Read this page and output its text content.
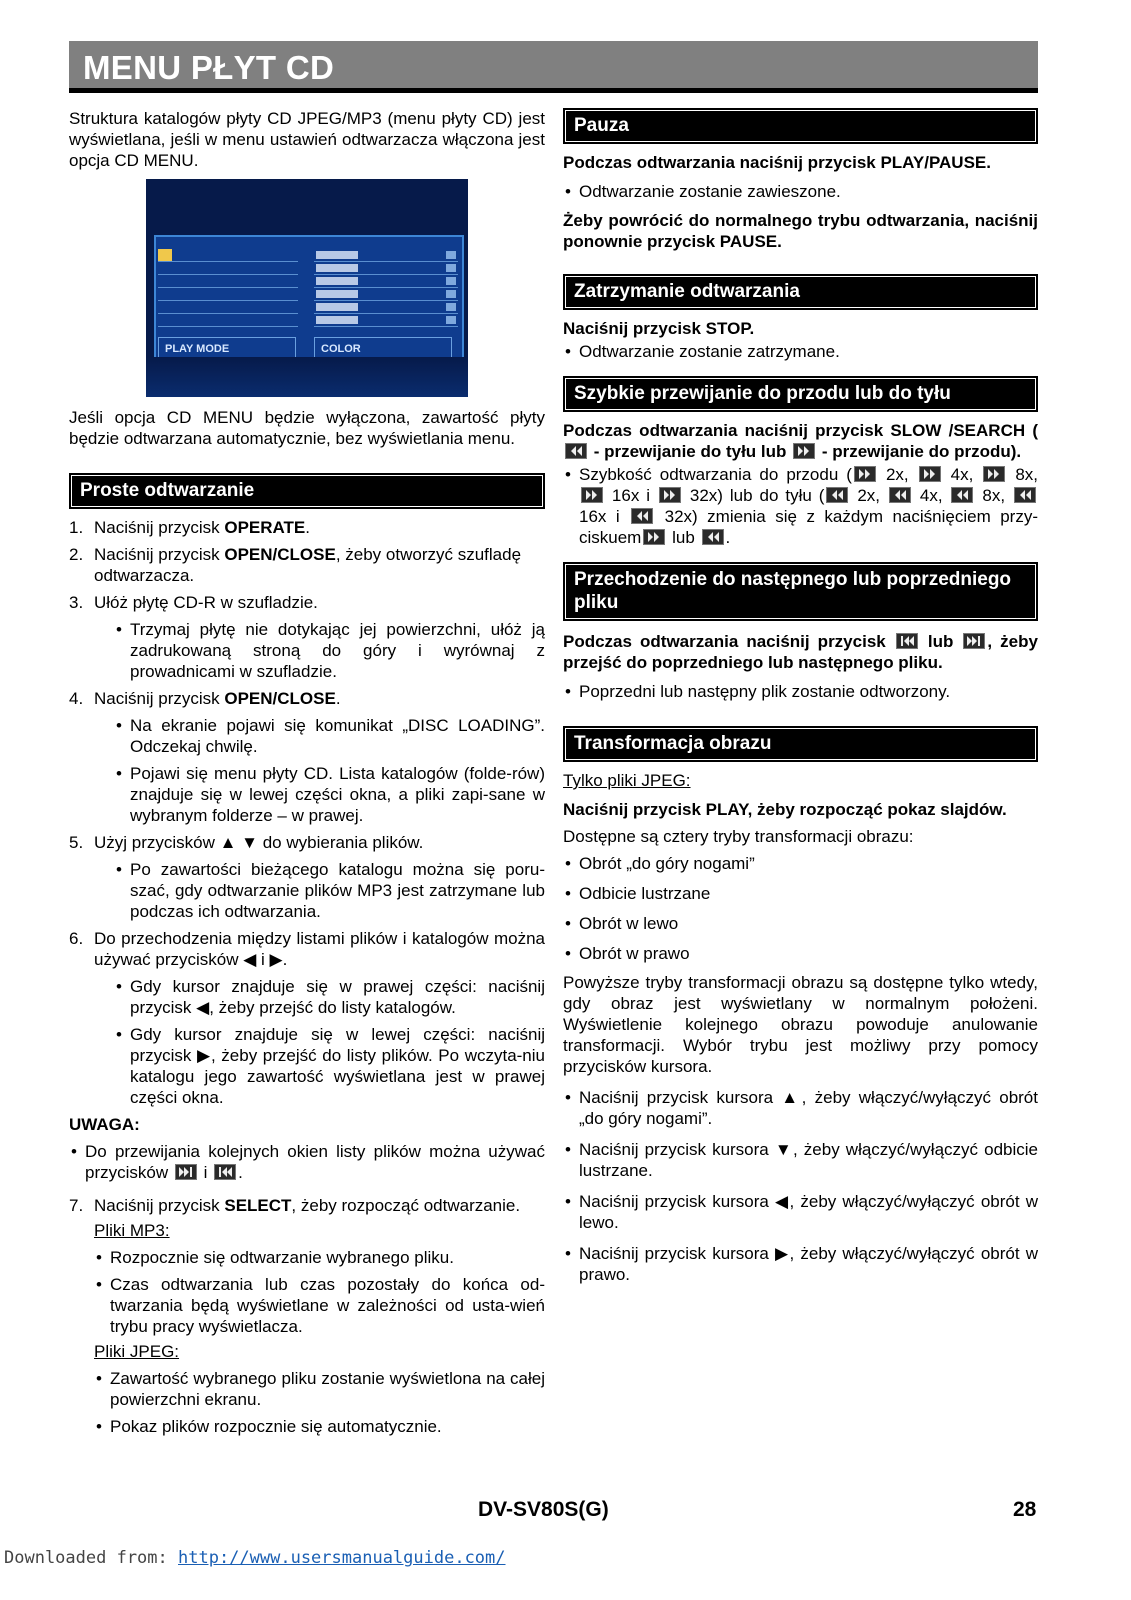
MENU PŁYT CD

Struktura katalogów płyty CD JPEG/MP3 (menu płyty CD) jest wyświetlana, jeśli w menu ustawień odtwarzacza włączona jest opcja CD MENU.

PLAY MODE	COLOR

Jeśli opcja CD MENU będzie wyłączona, zawartość płyty będzie odtwarzana automatycznie, bez wyświetlania menu.

Proste odtwarzanie
1. Naciśnij przycisk OPERATE.
2. Naciśnij przycisk OPEN/CLOSE, żeby otworzyć szufladę odtwarzacza.
3. Ułóż płytę CD-R w szufladzie.
• Trzymaj płytę nie dotykając jej powierzchni, ułóż ją zadrukowaną stroną do góry i wyrównaj z prowadnicami w szufladzie.
4. Naciśnij przycisk OPEN/CLOSE.
• Na ekranie pojawi się komunikat „DISC LOADING”. Odczekaj chwilę.
• Pojawi się menu płyty CD. Lista katalogów (folde-rów) znajduje się w lewej części okna, a pliki zapi-sane w wybranym folderze – w prawej.
5. Użyj przycisków ▲ ▼ do wybierania plików.
• Po zawartości bieżącego katalogu można się poru-szać, gdy odtwarzanie plików MP3 jest zatrzymane lub podczas ich odtwarzania.
6. Do przechodzenia między listami plików i katalogów można używać przycisków ◀ i ▶.

• Gdy kursor znajduje się w prawej części: naciśnij przycisk ◀, żeby przejść do listy katalogów.
• Gdy kursor znajduje się w lewej części: naciśnij przycisk ▶, żeby przejść do listy plików. Po wczyta-niu katalogu jego zawartość wyświetlana jest w prawej części okna.

UWAGA:

• Do przewijania kolejnych okien listy plików można używać przycisków
i
.
7. Naciśnij przycisk SELECT, żeby rozpocząć odtwarzanie.

Pliki MP3:

• Rozpocznie się odtwarzanie wybranego pliku.
• Czas odtwarzania lub czas pozostały do końca od-twarzania będą wyświetlane w zależności od usta-wień trybu pracy wyświetlacza.

Pliki JPEG:

• Zawartość wybranego pliku zostanie wyświetlona na całej powierzchni ekranu.
• Pokaz plików rozpocznie się automatycznie.
Pauza

Podczas odtwarzania naciśnij przycisk PLAY/PAUSE.

• Odtwarzanie zostanie zawieszone.

Żeby powrócić do normalnego trybu odtwarzania, naciśnij ponownie przycisk PAUSE.

Zatrzymanie odtwarzania

Naciśnij przycisk STOP.

• Odtwarzanie zostanie zatrzymane.
Szybkie przewijanie do przodu lub do tyłu

Podczas odtwarzania naciśnij przycisk SLOW /SEARCH (
- przewijanie do tyłu lub
- przewijanie do przodu).

• Szybkość odtwarzania do przodu (
2x,
4x,
8x,
16x i
32x) lub do tyłu (
2x,
4x,
8x,
16x i
32x) zmienia się z każdym naciśnięciem przy-ciskuem
lub
.
Przechodzenie do następnego lub poprzedniego pliku

Podczas odtwarzania naciśnij przycisk
lub
, żeby przejść do poprzedniego lub następnego pliku.

• Poprzedni lub następny plik zostanie odtworzony.
Transformacja obrazu

Tylko pliki JPEG:

Naciśnij przycisk PLAY, żeby rozpocząć pokaz slajdów.

Dostępne są cztery tryby transformacji obrazu:

• Obrót „do góry nogami”
• Odbicie lustrzane
• Obrót w lewo
• Obrót w prawo

Powyższe tryby transformacji obrazu są dostępne tylko wtedy, gdy obraz jest wyświetlany w normalnym położeni. Wyświetlenie kolejnego obrazu powoduje anulowanie transformacji. Wybór trybu jest możliwy przy pomocy przycisków kursora.

• Naciśnij przycisk kursora ▲, żeby włączyć/wyłączyć obrót „do góry nogami”.
• Naciśnij przycisk kursora ▼, żeby włączyć/wyłączyć odbicie lustrzane.
• Naciśnij przycisk kursora ◀, żeby włączyć/wyłączyć obrót w lewo.
• Naciśnij przycisk kursora ▶, żeby włączyć/wyłączyć obrót w prawo.
DV-SV80S(G)	28
Downloaded from: http://www.usersmanualguide.com/
